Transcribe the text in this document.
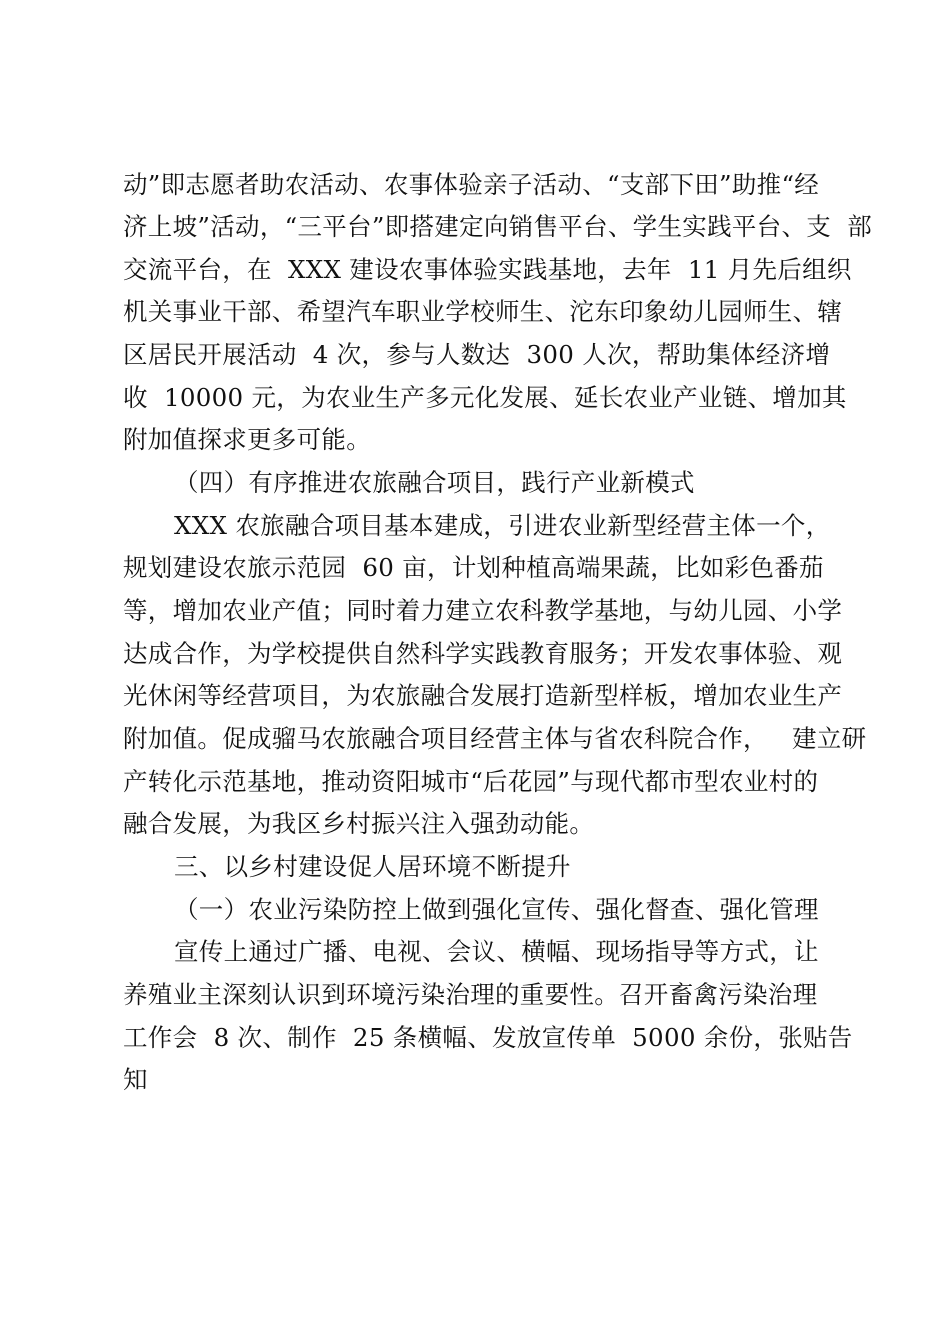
动”即志愿者助农活动、农事体验亲子活动、“支部下田”助推“经
济上坡”活动，“三平台”即搭建定向销售平台、学生实践平台、支  部
交流平台，在  XXX 建设农事体验实践基地，去年  11 月先后组织
机关事业干部、希望汽车职业学校师生、沱东印象幼儿园师生、辖
区居民开展活动  4 次，参与人数达  300 人次，帮助集体经济增
收  10000 元，为农业生产多元化发展、延长农业产业链、增加其
附加值探求更多可能。
（四）有序推进农旅融合项目，践行产业新模式
XXX 农旅融合项目基本建成，引进农业新型经营主体一个，
规划建设农旅示范园  60 亩，计划种植高端果蔬，比如彩色番茄
等，增加农业产值；同时着力建立农科教学基地，与幼儿园、小学
达成合作，为学校提供自然科学实践教育服务；开发农事体验、观
光休闲等经营项目，为农旅融合发展打造新型样板，增加农业生产
附加值。促成骝马农旅融合项目经营主体与省农科院合作，   建立研
产转化示范基地，推动资阳城市“后花园”与现代都市型农业村的
融合发展，为我区乡村振兴注入强劲动能。
三、以乡村建设促人居环境不断提升
（一）农业污染防控上做到强化宣传、强化督查、强化管理
宣传上通过广播、电视、会议、横幅、现场指导等方式，让
养殖业主深刻认识到环境污染治理的重要性。召开畜禽污染治理
工作会  8 次、制作  25 条横幅、发放宣传单  5000 余份，张贴告
知
